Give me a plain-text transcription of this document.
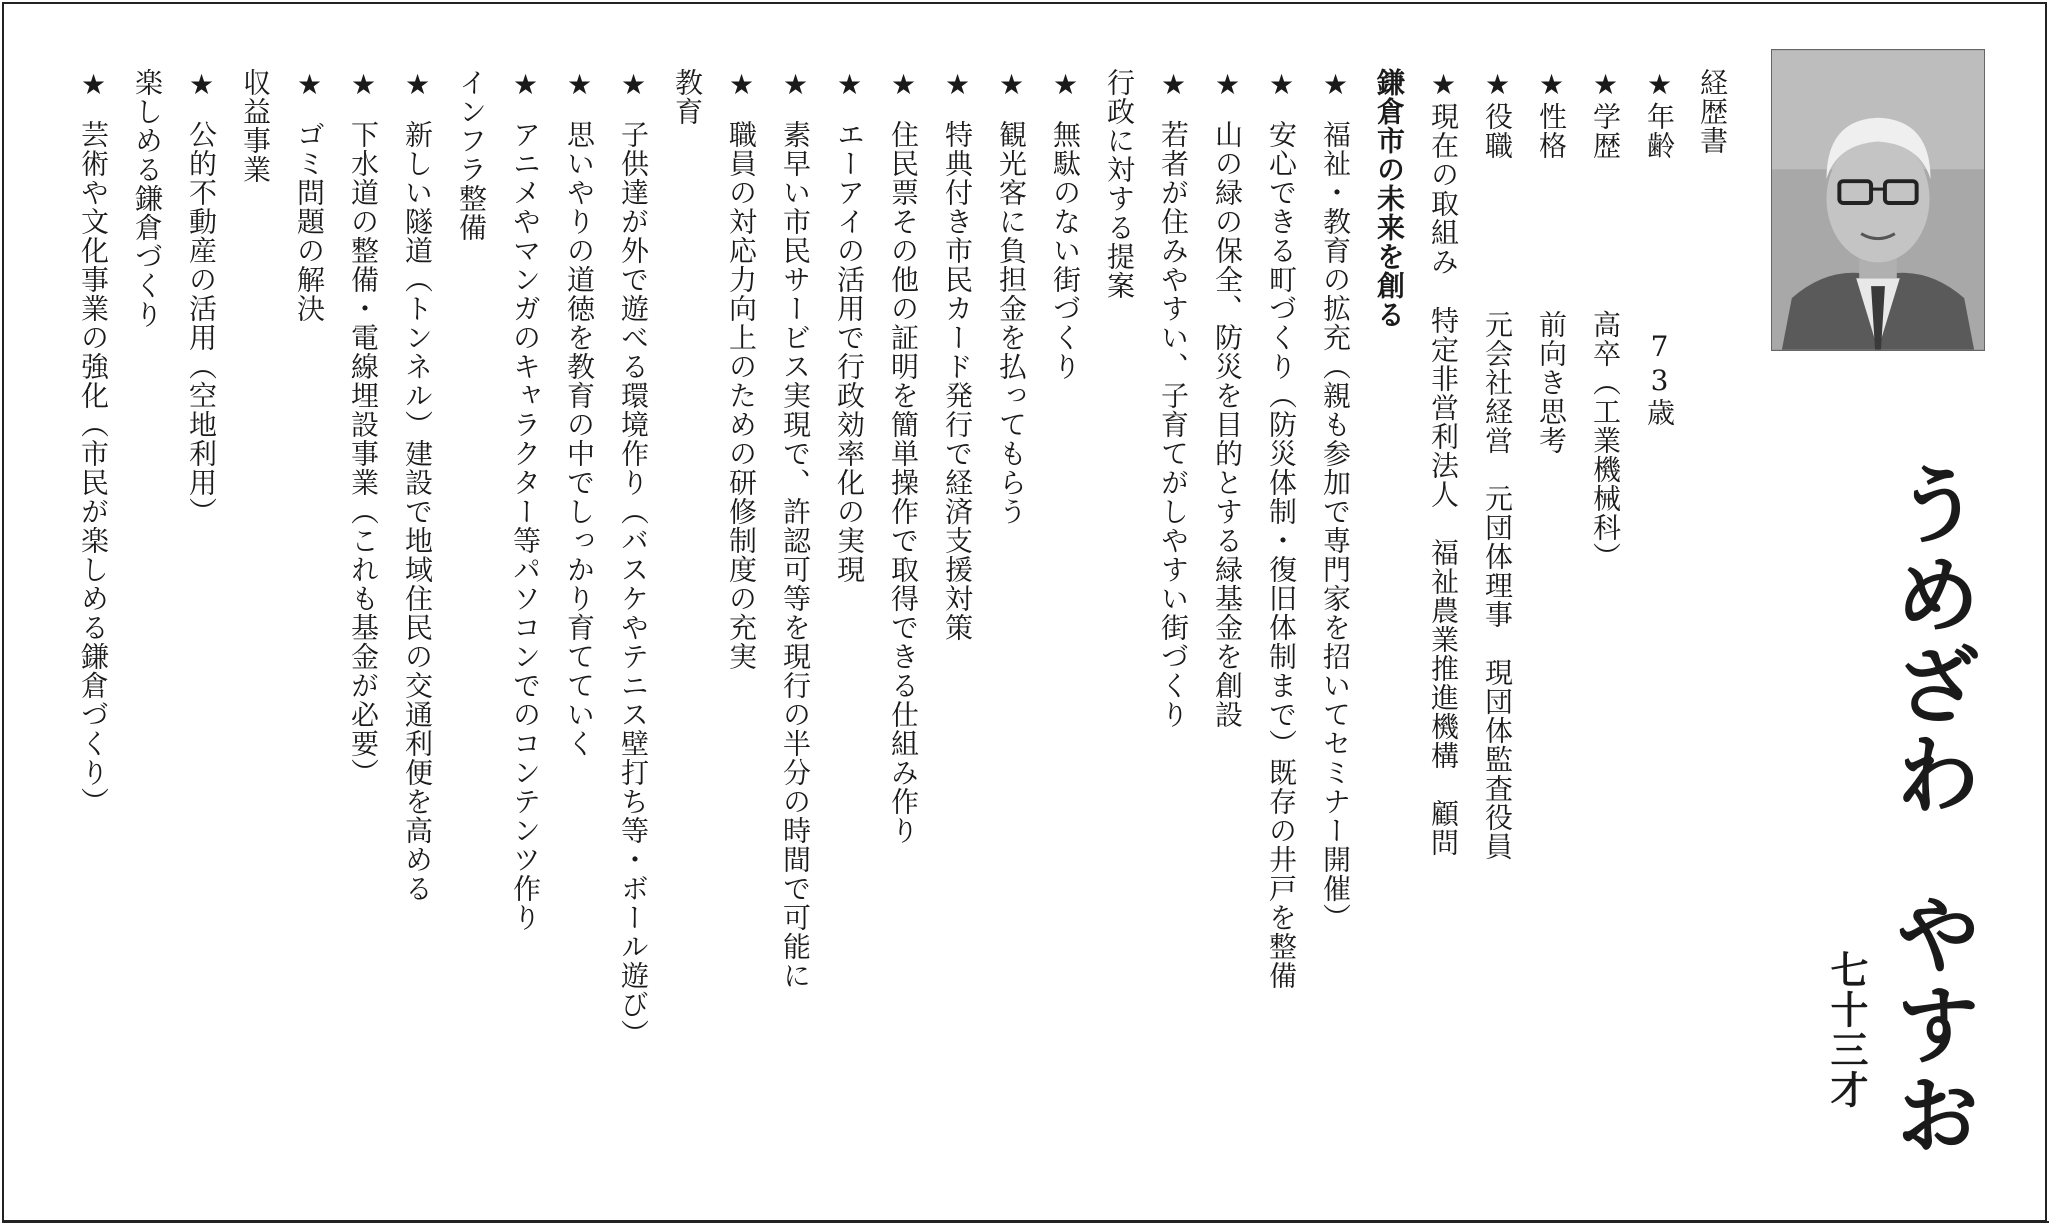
うめざわやすお
七十三才
経歴書
★年齢73歳
★学歴高卒（工業機械科）
★性格前向き思考
★役職元会社経営　元団体理事　現団体監査役員
★現在の取組み特定非営利法人　福祉農業推進機構　顧問
鎌倉市の未来を創る
★福祉・教育の拡充（親も参加で専門家を招いてセミナー開催）
★安心できる町づくり（防災体制・復旧体制まで）既存の井戸を整備
★山の緑の保全、防災を目的とする緑基金を創設
★若者が住みやすい、子育てがしやすい街づくり
行政に対する提案
★無駄のない街づくり
★観光客に負担金を払ってもらう
★特典付き市民カード発行で経済支援対策
★住民票その他の証明を簡単操作で取得できる仕組み作り
★エーアイの活用で行政効率化の実現
★素早い市民サービス実現で、許認可等を現行の半分の時間で可能に
★職員の対応力向上のための研修制度の充実
教育
★子供達が外で遊べる環境作り（バスケやテニス壁打ち等・ボール遊び）
★思いやりの道徳を教育の中でしっかり育てていく
★アニメやマンガのキャラクター等パソコンでのコンテンツ作り
インフラ整備
★新しい隧道（トンネル）建設で地域住民の交通利便を高める
★下水道の整備・電線埋設事業（これも基金が必要）
★ゴミ問題の解決
収益事業
★公的不動産の活用（空地利用）
楽しめる鎌倉づくり
★芸術や文化事業の強化（市民が楽しめる鎌倉づくり）
